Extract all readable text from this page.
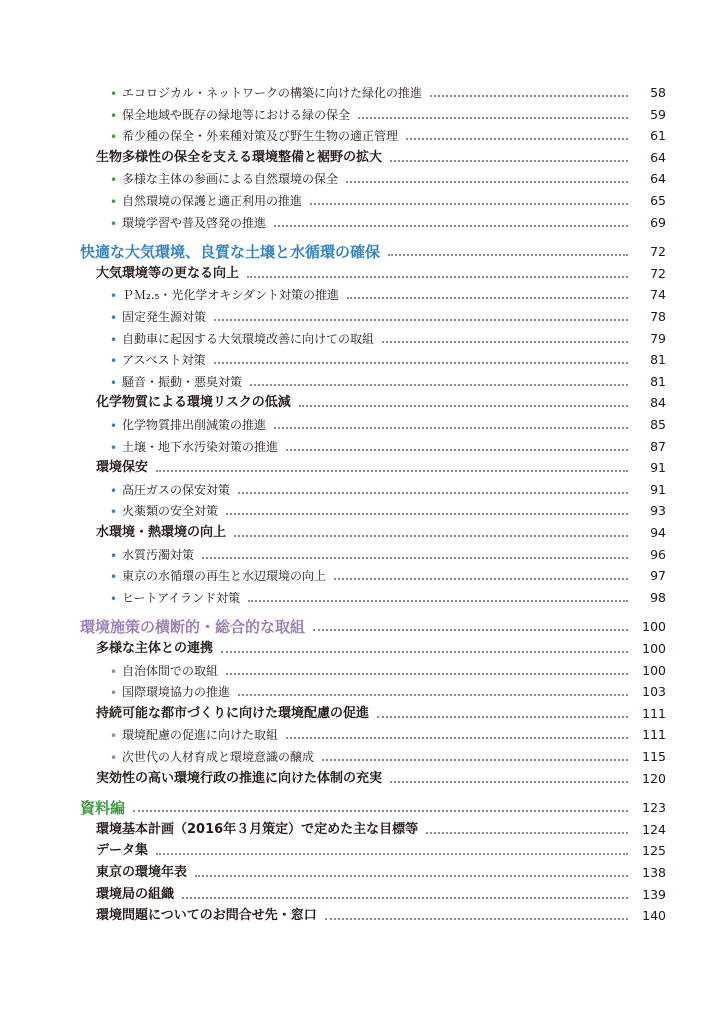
• エコロジカル・ネットワークの構築に向けた緑化の推進	58
• 保全地域や既存の緑地等における緑の保全	59
• 希少種の保全・外来種対策及び野生生物の適正管理	61
生物多様性の保全を支える環境整備と裾野の拡大	64
• 多様な主体の参画による自然環境の保全	64
• 自然環境の保護と適正利用の推進	65
• 環境学習や普及啓発の推進	69
快適な大気環境、良質な土壌と水循環の確保	72
大気環境等の更なる向上	72
• ＰＭ₂.₅・光化学オキシダント対策の推進	74
• 固定発生源対策	78
• 自動車に起因する大気環境改善に向けての取組	79
• アスベスト対策	81
• 騒音・振動・悪臭対策	81
化学物質による環境リスクの低減	84
• 化学物質排出削減策の推進	85
• 土壌・地下水汚染対策の推進	87
環境保安	91
• 高圧ガスの保安対策	91
• 火薬類の安全対策	93
水環境・熱環境の向上	94
• 水質汚濁対策	96
• 東京の水循環の再生と水辺環境の向上	97
• ヒートアイランド対策	98
環境施策の横断的・総合的な取組	100
多様な主体との連携	100
• 自治体間での取組	100
• 国際環境協力の推進	103
持続可能な都市づくりに向けた環境配慮の促進	111
• 環境配慮の促進に向けた取組	111
• 次世代の人材育成と環境意識の醸成	115
実効性の高い環境行政の推進に向けた体制の充実	120
資料編	123
環境基本計画（2016年３月策定）で定めた主な目標等	124
データ集	125
東京の環境年表	138
環境局の組織	139
環境問題についてのお問合せ先・窓口	140
